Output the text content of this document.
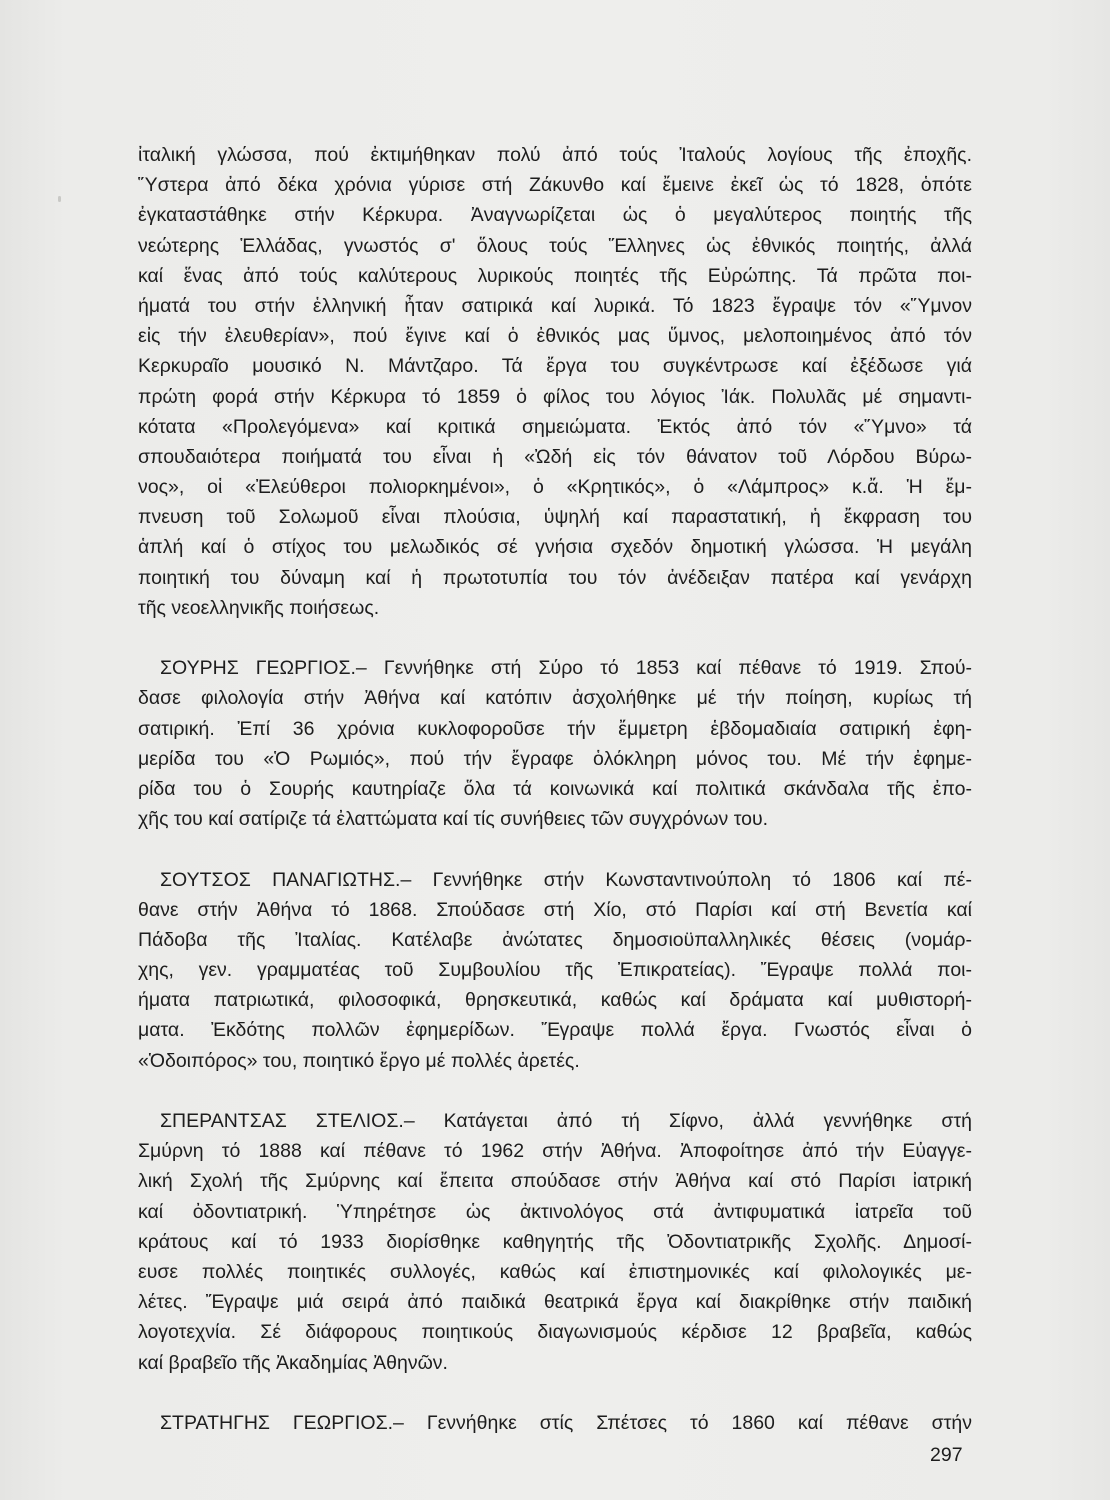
ἰταλική γλώσσα, πού ἐκτιμήθηκαν πολύ ἀπό τούς Ἰταλούς λογίους τῆς ἐποχῆς.
Ὕστερα ἀπό δέκα χρόνια γύρισε στή Ζάκυνθο καί ἔμεινε ἐκεῖ ὡς τό 1828, ὁπότε
ἐγκαταστάθηκε στήν Κέρκυρα. Ἀναγνωρίζεται ὡς ὁ μεγαλύτερος ποιητής τῆς
νεώτερης Ἑλλάδας, γνωστός σ' ὅλους τούς Ἕλληνες ὡς ἐθνικός ποιητής, ἀλλά
καί ἕνας ἀπό τούς καλύτερους λυρικούς ποιητές τῆς Εὐρώπης. Τά πρῶτα ποι-
ήματά του στήν ἑλληνική ἦταν σατιρικά καί λυρικά. Τό 1823 ἔγραψε τόν «Ὕμνον
εἰς τήν ἐλευθερίαν», πού ἔγινε καί ὁ ἐθνικός μας ὕμνος, μελοποιημένος ἀπό τόν
Κερκυραῖο μουσικό Ν. Μάντζαρο. Τά ἔργα του συγκέντρωσε καί ἐξέδωσε γιά
πρώτη φορά στήν Κέρκυρα τό 1859 ὁ φίλος του λόγιος Ἰάκ. Πολυλᾶς μέ σημαντι-
κότατα «Προλεγόμενα» καί κριτικά σημειώματα. Ἐκτός ἀπό τόν «Ὕμνο» τά
σπουδαιότερα ποιήματά του εἶναι ἡ «Ὠδή εἰς τόν θάνατον τοῦ Λόρδου Βύρω-
νος», οἱ «Ἐλεύθεροι πολιορκημένοι», ὁ «Κρητικός», ὁ «Λάμπρος» κ.ἄ. Ἡ ἔμ-
πνευση τοῦ Σολωμοῦ εἶναι πλούσια, ὑψηλή καί παραστατική, ἡ ἔκφραση του
ἁπλή καί ὁ στίχος του μελωδικός σέ γνήσια σχεδόν δημοτική γλώσσα. Ἡ μεγάλη
ποιητική του δύναμη καί ἡ πρωτοτυπία του τόν ἀνέδειξαν πατέρα καί γενάρχη
τῆς νεοελληνικῆς ποιήσεως.
ΣΟΥΡΗΣ ΓΕΩΡΓΙΟΣ.– Γεννήθηκε στή Σύρο τό 1853 καί πέθανε τό 1919. Σπού-
δασε φιλολογία στήν Ἀθήνα καί κατόπιν ἀσχολήθηκε μέ τήν ποίηση, κυρίως τή
σατιρική. Ἐπί 36 χρόνια κυκλοφοροῦσε τήν ἔμμετρη ἑβδομαδιαία σατιρική ἐφη-
μερίδα του «Ὁ Ρωμιός», πού τήν ἔγραφε ὁλόκληρη μόνος του. Μέ τήν ἐφημε-
ρίδα του ὁ Σουρής καυτηρίαζε ὅλα τά κοινωνικά καί πολιτικά σκάνδαλα τῆς ἐπο-
χῆς του καί σατίριζε τά ἐλαττώματα καί τίς συνήθειες τῶν συγχρόνων του.
ΣΟΥΤΣΟΣ ΠΑΝΑΓΙΩΤΗΣ.– Γεννήθηκε στήν Κωνσταντινούπολη τό 1806 καί πέ-
θανε στήν Ἀθήνα τό 1868. Σπούδασε στή Χίο, στό Παρίσι καί στή Βενετία καί
Πάδοβα τῆς Ἰταλίας. Κατέλαβε ἀνώτατες δημοσιοϋπαλληλικές θέσεις (νομάρ-
χης, γεν. γραμματέας τοῦ Συμβουλίου τῆς Ἐπικρατείας). Ἔγραψε πολλά ποι-
ήματα πατριωτικά, φιλοσοφικά, θρησκευτικά, καθώς καί δράματα καί μυθιστορή-
ματα. Ἐκδότης πολλῶν ἐφημερίδων. Ἔγραψε πολλά ἔργα. Γνωστός εἶναι ὁ
«Ὁδοιπόρος» του, ποιητικό ἔργο μέ πολλές ἀρετές.
ΣΠΕΡΑΝΤΣΑΣ ΣΤΕΛΙΟΣ.– Κατάγεται ἀπό τή Σίφνο, ἀλλά γεννήθηκε στή
Σμύρνη τό 1888 καί πέθανε τό 1962 στήν Ἀθήνα. Ἀποφοίτησε ἀπό τήν Εὐαγγε-
λική Σχολή τῆς Σμύρνης καί ἔπειτα σπούδασε στήν Ἀθήνα καί στό Παρίσι ἰατρική
καί ὀδοντιατρική. Ὑπηρέτησε ὡς ἀκτινολόγος στά ἀντιφυματικά ἰατρεῖα τοῦ
κράτους καί τό 1933 διορίσθηκε καθηγητής τῆς Ὀδοντιατρικῆς Σχολῆς. Δημοσί-
ευσε πολλές ποιητικές συλλογές, καθώς καί ἐπιστημονικές καί φιλολογικές με-
λέτες. Ἔγραψε μιά σειρά ἀπό παιδικά θεατρικά ἔργα καί διακρίθηκε στήν παιδική
λογοτεχνία. Σέ διάφορους ποιητικούς διαγωνισμούς κέρδισε 12 βραβεῖα, καθώς
καί βραβεῖο τῆς Ἀκαδημίας Ἀθηνῶν.
ΣΤΡΑΤΗΓΗΣ ΓΕΩΡΓΙΟΣ.– Γεννήθηκε στίς Σπέτσες τό 1860 καί πέθανε στήν
297
